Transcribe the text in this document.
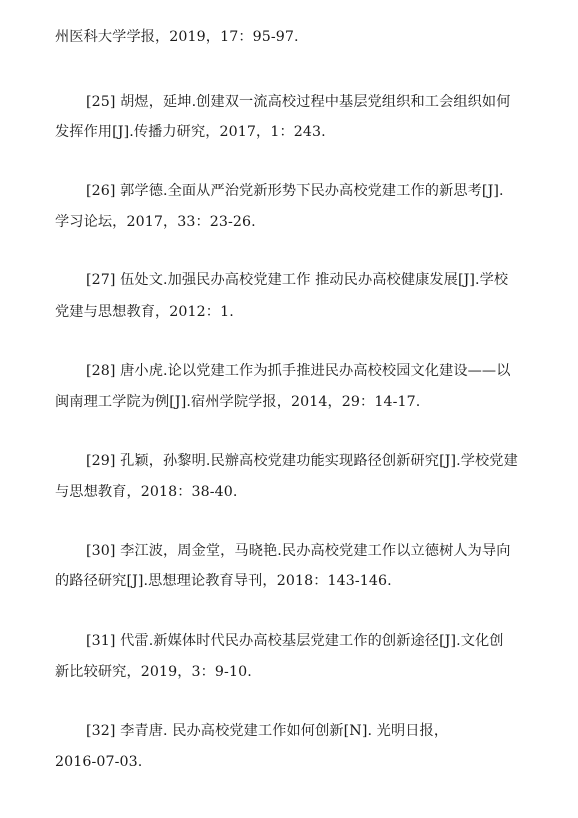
州医科大学学报，2019，17：95-97.
[25] 胡煜，延坤.创建双一流高校过程中基层党组织和工会组织如何
发挥作用[J].传播力研究，2017，1：243.
[26] 郭学德.全面从严治党新形势下民办高校党建工作的新思考[J].
学习论坛，2017，33：23-26.
[27] 伍处文.加强民办高校党建工作 推动民办高校健康发展[J].学校
党建与思想教育，2012：1.
[28] 唐小虎.论以党建工作为抓手推进民办高校校园文化建设——以
闽南理工学院为例[J].宿州学院学报，2014，29：14-17.
[29] 孔颖，孙黎明.民辦高校党建功能实现路径创新研究[J].学校党建
与思想教育，2018：38-40.
[30] 李江波，周金堂，马晓艳.民办高校党建工作以立德树人为导向
的路径研究[J].思想理论教育导刊，2018：143-146.
[31] 代雷.新媒体时代民办高校基层党建工作的创新途径[J].文化创
新比较研究，2019，3：9-10.
[32] 李青唐. 民办高校党建工作如何创新[N]. 光明日报，
2016-07-03.
